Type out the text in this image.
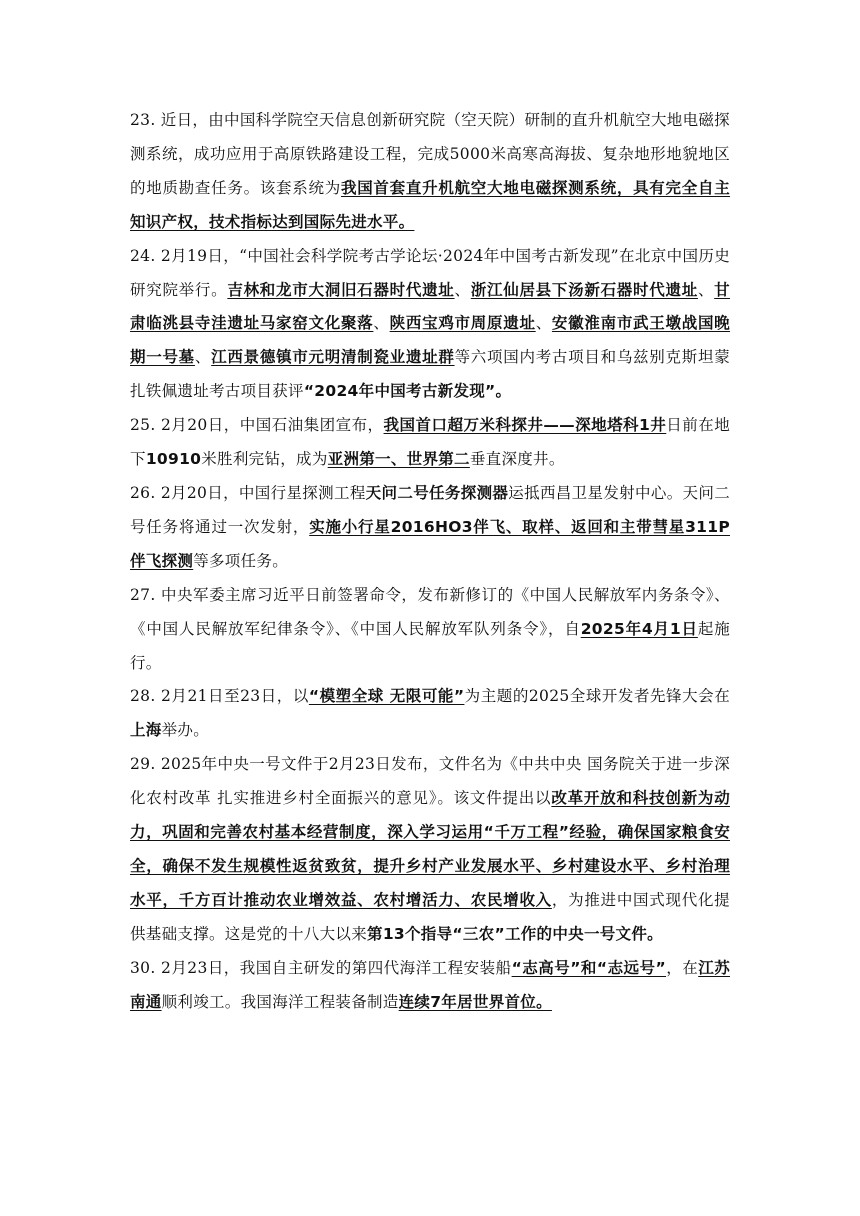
23. 近日，由中国科学院空天信息创新研究院（空天院）研制的直升机航空大地电磁探测系统，成功应用于高原铁路建设工程，完成5000米高寒高海拔、复杂地形地貌地区的地质勘查任务。该套系统为我国首套直升机航空大地电磁探测系统，具有完全自主知识产权，技术指标达到国际先进水平。

24. 2月19日，“中国社会科学院考古学论坛·2024年中国考古新发现”在北京中国历史研究院举行。吉林和龙市大洞旧石器时代遗址、浙江仙居县下汤新石器时代遗址、甘肃临洮县寺洼遗址马家窑文化聚落、陕西宝鸡市周原遗址、安徽淮南市武王墩战国晚期一号墓、江西景德镇市元明清制瓷业遗址群等六项国内考古项目和乌兹别克斯坦蒙扎铁佩遗址考古项目获评“2024年中国考古新发现”。

25. 2月20日，中国石油集团宣布，我国首口超万米科探井——深地塔科1井日前在地下10910米胜利完钻，成为亚洲第一、世界第二垂直深度井。

26. 2月20日，中国行星探测工程天问二号任务探测器运抵西昌卫星发射中心。天问二号任务将通过一次发射，实施小行星2016HO3伴飞、取样、返回和主带彗星311P伴飞探测等多项任务。

27. 中央军委主席习近平日前签署命令，发布新修订的《中国人民解放军内务条令》、《中国人民解放军纪律条令》、《中国人民解放军队列条令》，自2025年4月1日起施行。

28. 2月21日至23日，以“模塑全球 无限可能”为主题的2025全球开发者先锋大会在上海举办。

29. 2025年中央一号文件于2月23日发布，文件名为《中共中央 国务院关于进一步深化农村改革 扎实推进乡村全面振兴的意见》。该文件提出以改革开放和科技创新为动力，巩固和完善农村基本经营制度，深入学习运用“千万工程”经验，确保国家粮食安全，确保不发生规模性返贫致贫，提升乡村产业发展水平、乡村建设水平、乡村治理水平，千方百计推动农业增效益、农村增活力、农民增收入，为推进中国式现代化提供基础支撑。这是党的十八大以来第13个指导“三农”工作的中央一号文件。

30. 2月23日，我国自主研发的第四代海洋工程安装船“志高号”和“志远号”，在江苏南通顺利竣工。我国海洋工程装备制造连续7年居世界首位。
